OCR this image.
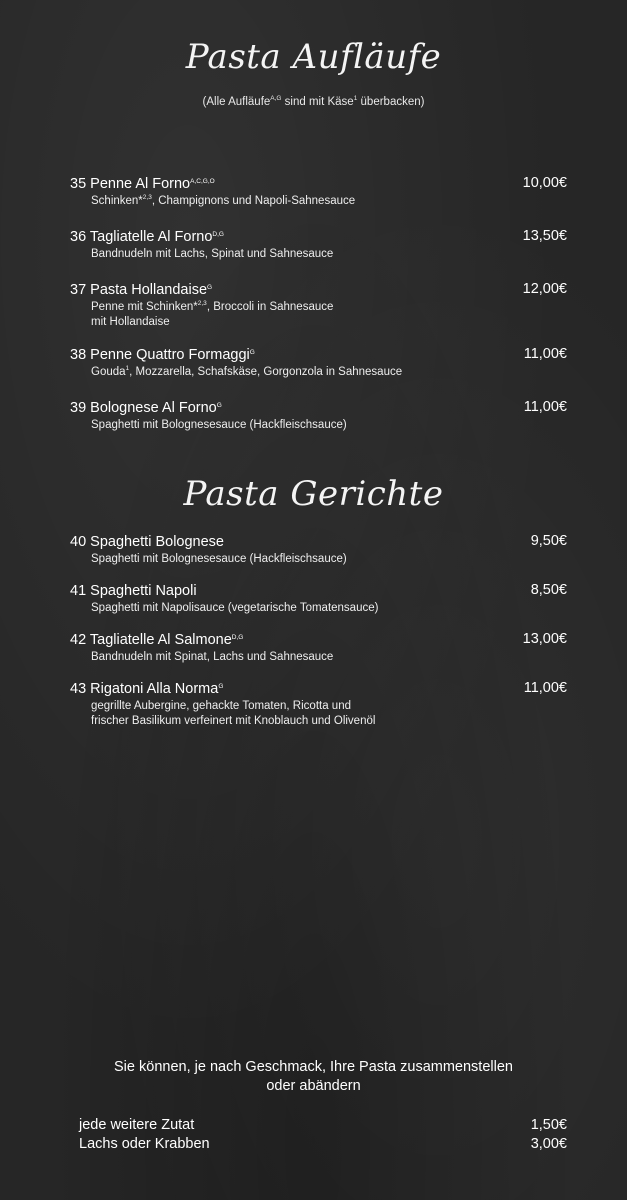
Pasta Aufläufe
(Alle Aufläufe$^{A,G}$ sind mit Käse$^1$ überbacken)
35 Penne Al Forno$^{A,C,G,O}$	10,00€
Schinken*$^{2,3}$, Champignons und Napoli-Sahnesauce
36 Tagliatelle Al Forno$^{D,G}$	13,50€
Bandnudeln mit Lachs, Spinat und Sahnesauce
37 Pasta Hollandaise$^G$	12,00€
Penne mit Schinken*$^{2,3}$, Broccoli in Sahnesauce
mit Hollandaise
38 Penne Quattro Formaggi$^G$	11,00€
Gouda$^1$, Mozzarella, Schafskäse, Gorgonzola in Sahnesauce
39 Bolognese Al Forno$^G$	11,00€
Spaghetti mit Bolognesesauce (Hackfleischsauce)
Pasta Gerichte
40 Spaghetti Bolognese	9,50€
Spaghetti mit Bolognesesauce (Hackfleischsauce)
41 Spaghetti Napoli	8,50€
Spaghetti mit Napolisauce (vegetarische Tomatensauce)
42 Tagliatelle Al Salmone$^{D,G}$	13,00€
Bandnudeln mit Spinat, Lachs und Sahnesauce
43 Rigatoni Alla Norma$^G$	11,00€
gegrillte Aubergine, gehackte Tomaten, Ricotta und
frischer Basilikum verfeinert mit Knoblauch und Olivenöl
Sie können, je nach Geschmack, Ihre Pasta zusammenstellen
oder abändern
jede weitere Zutat	1,50€
Lachs oder Krabben	3,00€
